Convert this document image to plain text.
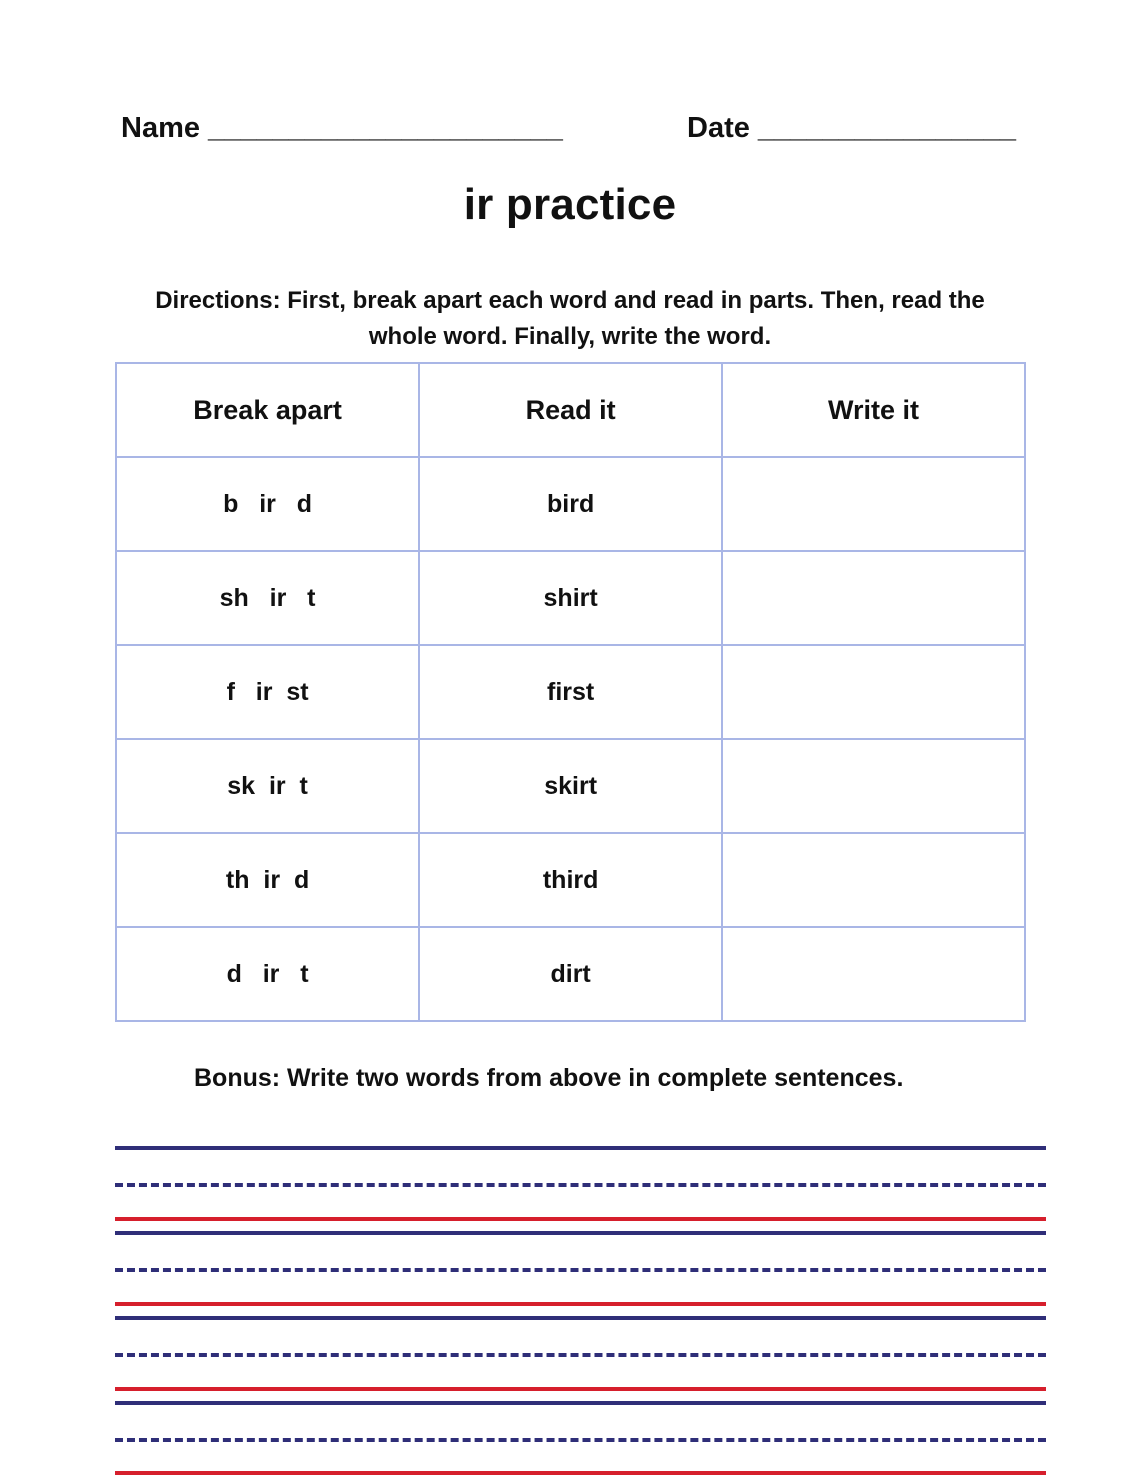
Name ______________________	Date ________________
ir practice
Directions: First, break apart each word and read in parts. Then, read the whole word. Finally, write the word.
Break apart	Read it	Write it
b   ir   d	bird	
sh   ir   t	shirt	
f   ir  st	first	
sk  ir  t	skirt	
th  ir  d	third	
d   ir   t	dirt	
Bonus: Write two words from above in complete sentences.
